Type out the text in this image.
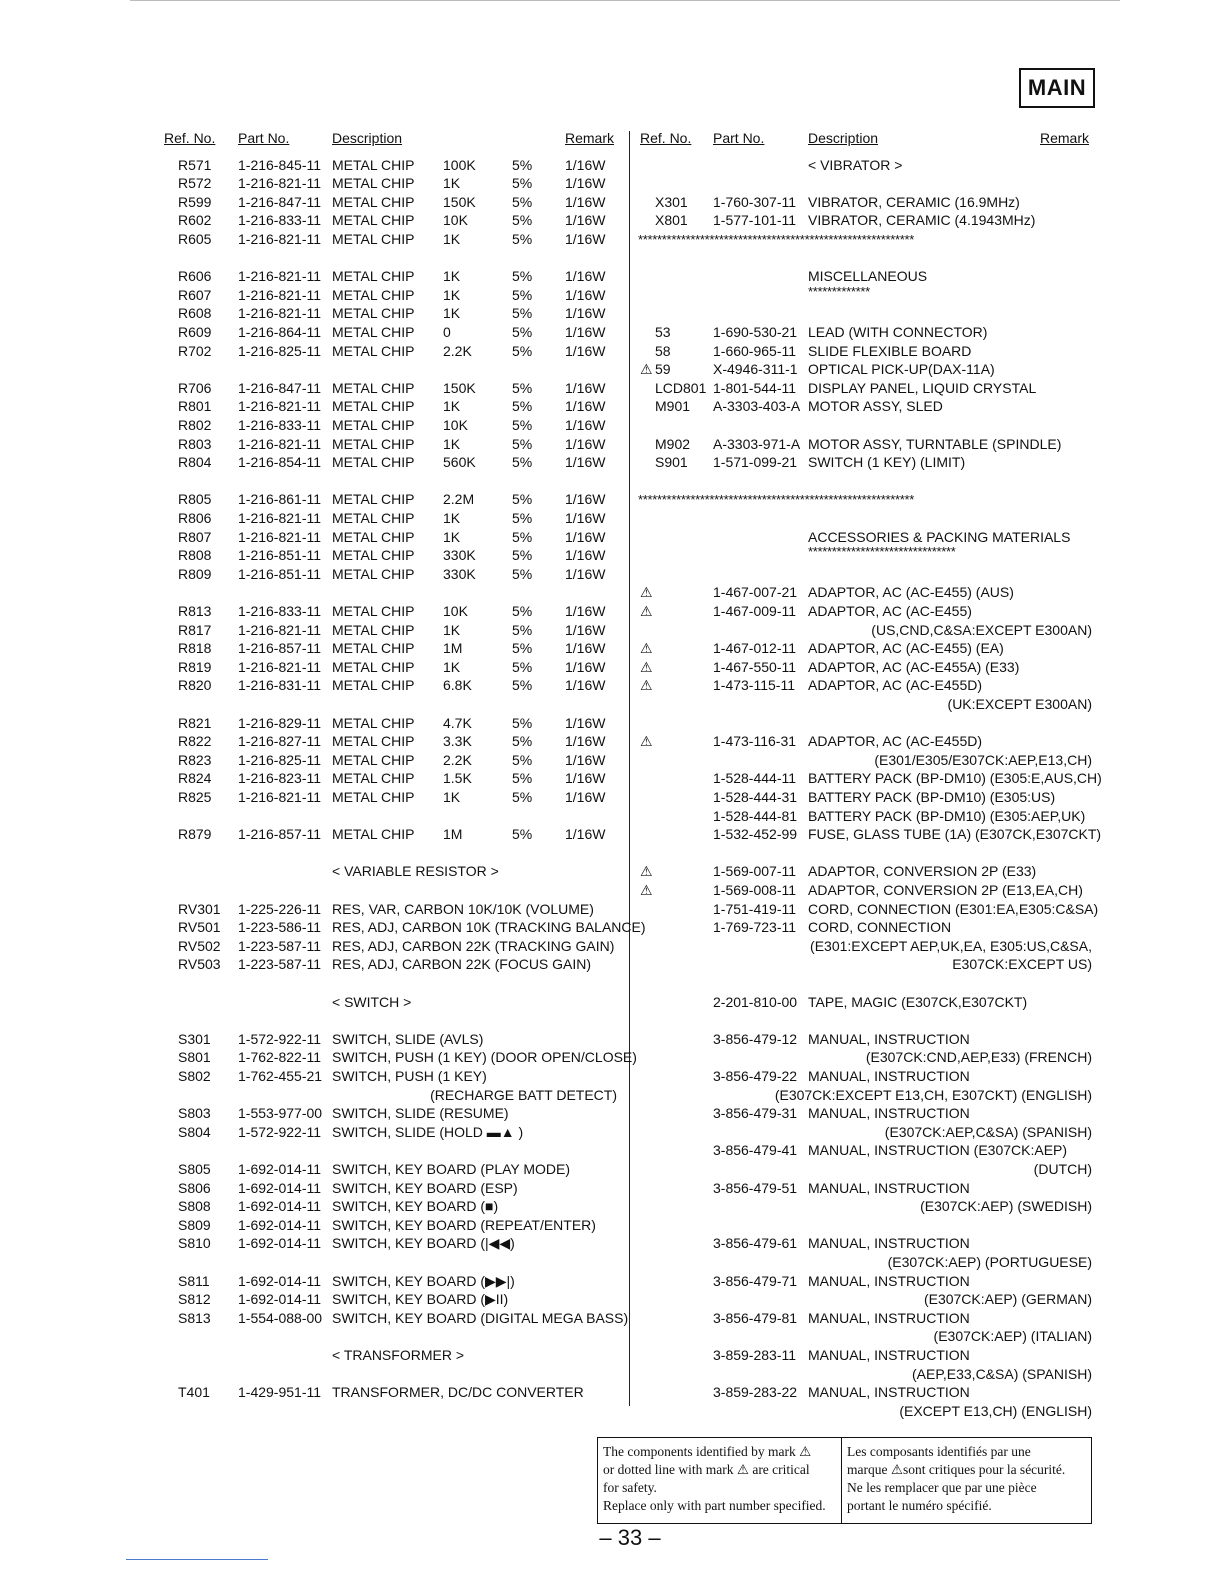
MAIN
Ref. No. Part No.	Description	Remark Ref. No. Part No.	Description	Remark
R571 1-216-845-11 METAL CHIP 100K	5% 1/16W
R572 1-216-821-11 METAL CHIP 1K	5% 1/16W
R599 1-216-847-11 METAL CHIP 150K	5% 1/16W
R602 1-216-833-11 METAL CHIP 10K	5% 1/16W
R605 1-216-821-11 METAL CHIP 1K	5% 1/16W
R606 1-216-821-11 METAL CHIP 1K	5% 1/16W
R607 1-216-821-11 METAL CHIP 1K	5% 1/16W
R608 1-216-821-11 METAL CHIP 1K	5% 1/16W
R609 1-216-864-11 METAL CHIP 0	5% 1/16W
R702 1-216-825-11 METAL CHIP 2.2K	5% 1/16W
R706 1-216-847-11 METAL CHIP 150K	5% 1/16W
R801 1-216-821-11 METAL CHIP 1K	5% 1/16W
R802 1-216-833-11 METAL CHIP 10K	5% 1/16W
R803 1-216-821-11 METAL CHIP 1K	5% 1/16W
R804 1-216-854-11 METAL CHIP 560K	5% 1/16W
R805 1-216-861-11 METAL CHIP 2.2M	5% 1/16W
R806 1-216-821-11 METAL CHIP 1K	5% 1/16W
R807 1-216-821-11 METAL CHIP 1K	5% 1/16W
R808 1-216-851-11 METAL CHIP 330K	5% 1/16W
R809 1-216-851-11 METAL CHIP 330K	5% 1/16W
R813 1-216-833-11 METAL CHIP 10K	5% 1/16W
R817 1-216-821-11 METAL CHIP 1K	5% 1/16W
R818 1-216-857-11 METAL CHIP 1M	5% 1/16W
R819 1-216-821-11 METAL CHIP 1K	5% 1/16W
R820 1-216-831-11 METAL CHIP 6.8K	5% 1/16W
R821 1-216-829-11 METAL CHIP 4.7K	5% 1/16W
R822 1-216-827-11 METAL CHIP 3.3K	5% 1/16W
R823 1-216-825-11 METAL CHIP 2.2K	5% 1/16W
R824 1-216-823-11 METAL CHIP 1.5K	5% 1/16W
R825 1-216-821-11 METAL CHIP 1K	5% 1/16W
R879 1-216-857-11 METAL CHIP 1M	5% 1/16W
< VARIABLE RESISTOR >
RV301 1-225-226-11 RES, VAR, CARBON 10K/10K (VOLUME)
RV501 1-223-586-11 RES, ADJ, CARBON 10K (TRACKING BALANCE)
RV502 1-223-587-11 RES, ADJ, CARBON 22K (TRACKING GAIN)
RV503 1-223-587-11 RES, ADJ, CARBON 22K (FOCUS GAIN)
< SWITCH >
S301 1-572-922-11 SWITCH, SLIDE (AVLS)
S801 1-762-822-11 SWITCH, PUSH (1 KEY) (DOOR OPEN/CLOSE)
S802 1-762-455-21 SWITCH, PUSH (1 KEY)
(RECHARGE BATT DETECT)
S803 1-553-977-00 SWITCH, SLIDE (RESUME)
S804 1-572-922-11 SWITCH, SLIDE (HOLD ▬▲ )
S805 1-692-014-11 SWITCH, KEY BOARD (PLAY MODE)
S806 1-692-014-11 SWITCH, KEY BOARD (ESP)
S808 1-692-014-11 SWITCH, KEY BOARD (■)
S809 1-692-014-11 SWITCH, KEY BOARD (REPEAT/ENTER)
S810 1-692-014-11 SWITCH, KEY BOARD (|◀◀)
S811 1-692-014-11 SWITCH, KEY BOARD (▶▶|)
S812 1-692-014-11 SWITCH, KEY BOARD (▶II)
S813 1-554-088-00 SWITCH, KEY BOARD (DIGITAL MEGA BASS)
< TRANSFORMER >
T401 1-429-951-11 TRANSFORMER, DC/DC CONVERTER
< VIBRATOR >
X301 1-760-307-11 VIBRATOR, CERAMIC (16.9MHz)
X801 1-577-101-11 VIBRATOR, CERAMIC (4.1943MHz)
**********************************************************
MISCELLANEOUS
*************
53	1-690-530-21 LEAD (WITH CONNECTOR)
58	1-660-965-11 SLIDE FLEXIBLE BOARD
⚠ 59	X-4946-311-1 OPTICAL PICK-UP(DAX-11A)
LCD801 1-801-544-11 DISPLAY PANEL, LIQUID CRYSTAL
M901 A-3303-403-A MOTOR ASSY, SLED
M902 A-3303-971-A MOTOR ASSY, TURNTABLE (SPINDLE)
S901 1-571-099-21 SWITCH (1 KEY) (LIMIT)
**********************************************************
ACCESSORIES & PACKING MATERIALS
*******************************
⚠	1-467-007-21 ADAPTOR, AC (AC-E455) (AUS)
⚠	1-467-009-11 ADAPTOR, AC (AC-E455)
(US,CND,C&SA:EXCEPT E300AN)
⚠	1-467-012-11 ADAPTOR, AC (AC-E455) (EA)
⚠	1-467-550-11 ADAPTOR, AC (AC-E455A) (E33)
⚠	1-473-115-11 ADAPTOR, AC (AC-E455D)
(UK:EXCEPT E300AN)
⚠	1-473-116-31 ADAPTOR, AC (AC-E455D)
(E301/E305/E307CK:AEP,E13,CH)
1-528-444-11 BATTERY PACK (BP-DM10) (E305:E,AUS,CH)
1-528-444-31 BATTERY PACK (BP-DM10) (E305:US)
1-528-444-81 BATTERY PACK (BP-DM10) (E305:AEP,UK)
1-532-452-99 FUSE, GLASS TUBE (1A) (E307CK,E307CKT)
⚠	1-569-007-11 ADAPTOR, CONVERSION 2P (E33)
⚠	1-569-008-11 ADAPTOR, CONVERSION 2P (E13,EA,CH)
1-751-419-11 CORD, CONNECTION (E301:EA,E305:C&SA)
1-769-723-11 CORD, CONNECTION
(E301:EXCEPT AEP,UK,EA, E305:US,C&SA,
E307CK:EXCEPT US)
2-201-810-00 TAPE, MAGIC (E307CK,E307CKT)
3-856-479-12 MANUAL, INSTRUCTION
(E307CK:CND,AEP,E33) (FRENCH)
3-856-479-22 MANUAL, INSTRUCTION
(E307CK:EXCEPT E13,CH, E307CKT) (ENGLISH)
3-856-479-31 MANUAL, INSTRUCTION
(E307CK:AEP,C&SA) (SPANISH)
3-856-479-41 MANUAL, INSTRUCTION (E307CK:AEP)
(DUTCH)
3-856-479-51 MANUAL, INSTRUCTION
(E307CK:AEP) (SWEDISH)
3-856-479-61 MANUAL, INSTRUCTION
(E307CK:AEP) (PORTUGUESE)
3-856-479-71 MANUAL, INSTRUCTION
(E307CK:AEP) (GERMAN)
3-856-479-81 MANUAL, INSTRUCTION
(E307CK:AEP) (ITALIAN)
3-859-283-11 MANUAL, INSTRUCTION
(AEP,E33,C&SA) (SPANISH)
3-859-283-22 MANUAL, INSTRUCTION
(EXCEPT E13,CH) (ENGLISH)
The components identified by mark ⚠
or dotted line with mark ⚠ are critical
for safety.
Replace only with part number specified.
Les composants identifiés par une
marque ⚠sont critiques pour la sécurité.
Ne les remplacer que par une pièce
portant le numéro spécifié.
– 33 –
